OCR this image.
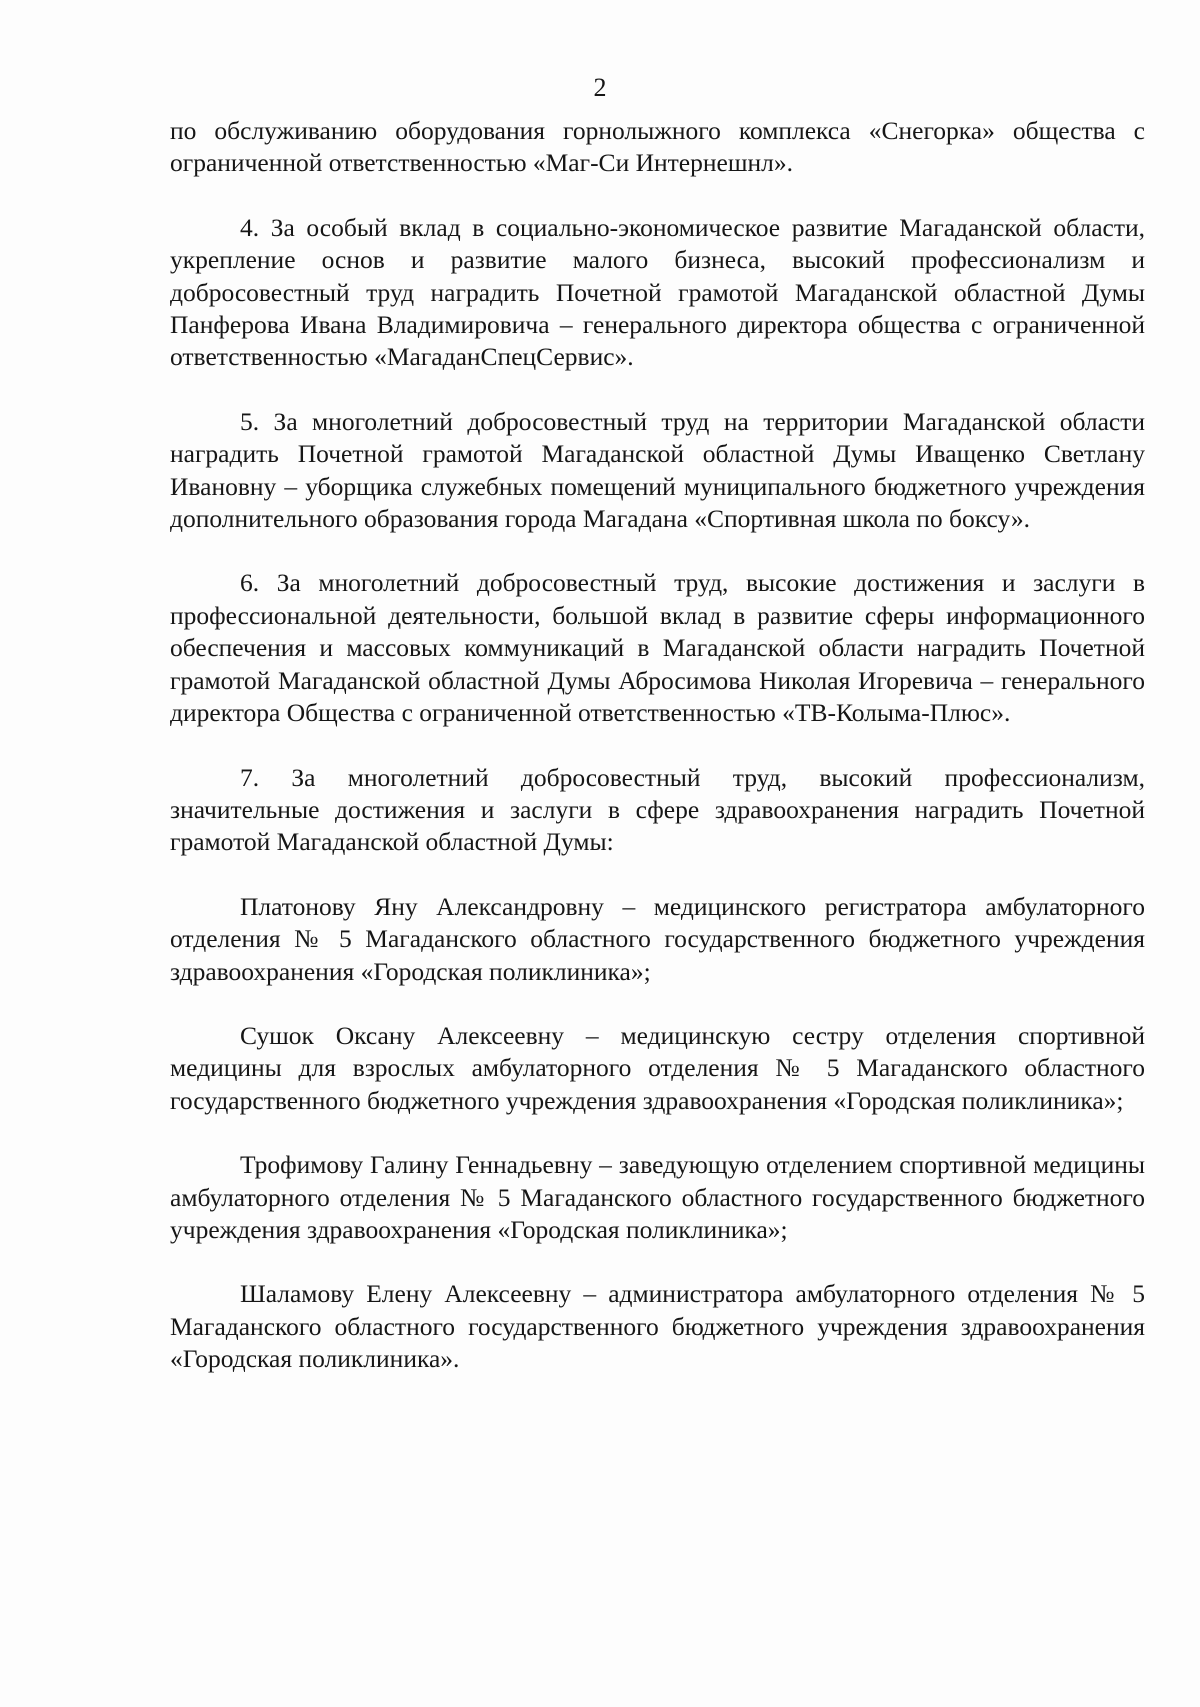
2

по обслуживанию оборудования горнолыжного комплекса «Снегорка» общества с ограниченной ответственностью «Маг-Си Интернешнл».

4. За особый вклад в социально-экономическое развитие Магаданской области, укрепление основ и развитие малого бизнеса, высокий профессионализм и добросовестный труд наградить Почетной грамотой Магаданской областной Думы Панферова Ивана Владимировича – генерального директора общества с ограниченной ответственностью «МагаданСпецСервис».

5. За многолетний добросовестный труд на территории Магаданской области наградить Почетной грамотой Магаданской областной Думы Иващенко Светлану Ивановну – уборщика служебных помещений муниципального бюджетного учреждения дополнительного образования города Магадана «Спортивная школа по боксу».

6. За многолетний добросовестный труд, высокие достижения и заслуги в профессиональной деятельности, большой вклад в развитие сферы информационного обеспечения и массовых коммуникаций в Магаданской области наградить Почетной грамотой Магаданской областной Думы Абросимова Николая Игоревича – генерального директора Общества с ограниченной ответственностью «ТВ-Колыма-Плюс».

7. За многолетний добросовестный труд, высокий профессионализм, значительные достижения и заслуги в сфере здравоохранения наградить Почетной грамотой Магаданской областной Думы:

Платонову Яну Александровну – медицинского регистратора амбулаторного отделения № 5 Магаданского областного государственного бюджетного учреждения здравоохранения «Городская поликлиника»;

Сушок Оксану Алексеевну – медицинскую сестру отделения спортивной медицины для взрослых амбулаторного отделения № 5 Магаданского областного государственного бюджетного учреждения здравоохранения «Городская поликлиника»;

Трофимову Галину Геннадьевну – заведующую отделением спортивной медицины амбулаторного отделения № 5 Магаданского областного государственного бюджетного учреждения здравоохранения «Городская поликлиника»;

Шаламову Елену Алексеевну – администратора амбулаторного отделения № 5 Магаданского областного государственного бюджетного учреждения здравоохранения «Городская поликлиника».
